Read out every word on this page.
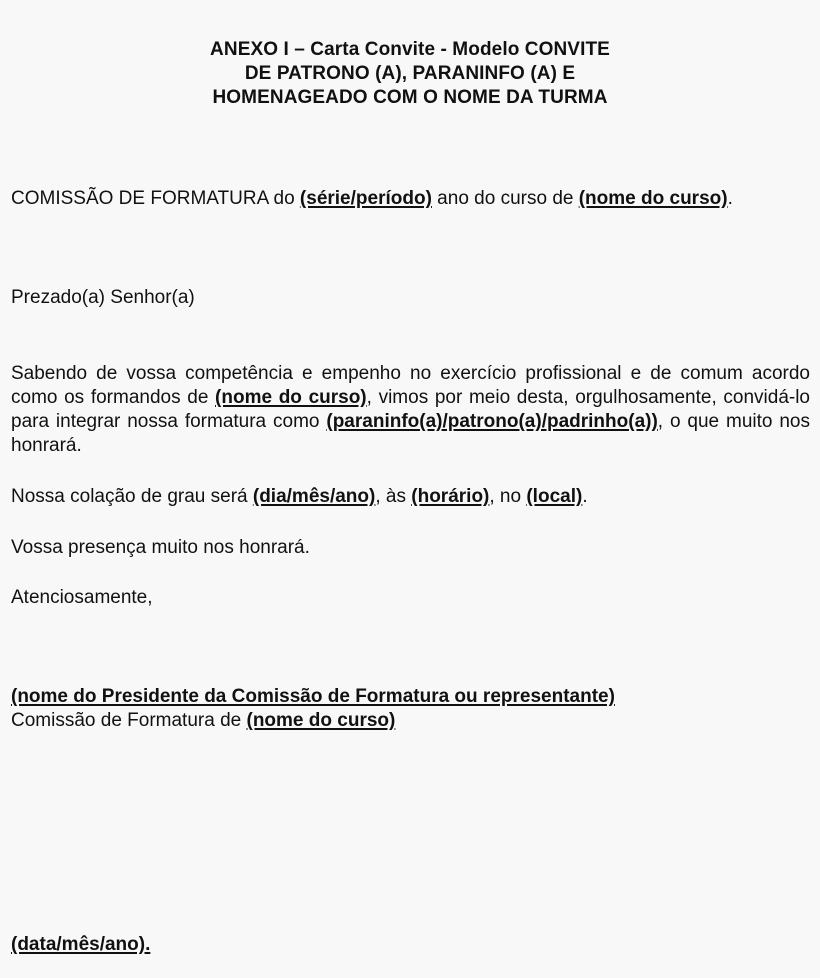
ANEXO I – Carta Convite - Modelo CONVITE
DE PATRONO (A), PARANINFO (A) E
HOMENAGEADO COM O NOME DA TURMA
COMISSÃO DE FORMATURA do (série/período) ano do curso de (nome do curso).
Prezado(a) Senhor(a)
Sabendo de vossa competência e empenho no exercício profissional e de comum acordo como os formandos de (nome do curso), vimos por meio desta, orgulhosamente, convidá-lo para integrar nossa formatura como (paraninfo(a)/patrono(a)/padrinho(a)), o que muito nos honrará.
Nossa colação de grau será (dia/mês/ano), às (horário), no (local).
Vossa presença muito nos honrará.
Atenciosamente,
(nome do Presidente da Comissão de Formatura ou representante)
Comissão de Formatura de (nome do curso)
(data/mês/ano).
